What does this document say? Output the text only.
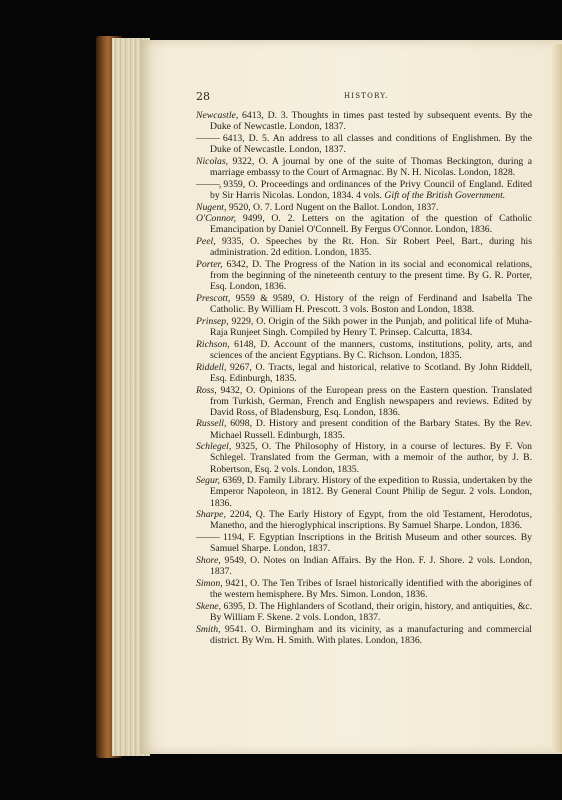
28	HISTORY.

Newcastle, 6413, D. 3. Thoughts in times past tested by subsequent events. By the Duke of Newcastle. London, 1837.

——— 6413, D. 5. An address to all classes and conditions of Englishmen. By the Duke of Newcastle. London, 1837.

Nicolas, 9322, O. A journal by one of the suite of Thomas Beckington, during a marriage embassy to the Court of Armagnac. By N. H. Nicolas. London, 1828.

———, 9359, O. Proceedings and ordinances of the Privy Council of England. Edited by Sir Harris Nicolas. London, 1834. 4 vols. Gift of the British Government.

Nugent, 9520, O. 7. Lord Nugent on the Ballot. London, 1837.

O'Connor, 9499, O. 2. Letters on the agitation of the question of Catholic Emancipation by Daniel O'Connell. By Fergus O'Connor. London, 1836.

Peel, 9335, O. Speeches by the Rt. Hon. Sir Robert Peel, Bart., during his administration. 2d edition. London, 1835.

Porter, 6342, D. The Progress of the Nation in its social and economical relations, from the beginning of the nineteenth century to the present time. By G. R. Porter, Esq. London, 1836.

Prescott, 9559 & 9589, O. History of the reign of Ferdinand and Isabella The Catholic. By William H. Prescott. 3 vols. Boston and London, 1838.

Prinsep, 9229, O. Origin of the Sikh power in the Punjab, and political life of Muha-Raja Runjeet Singh. Compiled by Henry T. Prinsep. Calcutta, 1834.

Richson, 6148, D. Account of the manners, customs, institutions, polity, arts, and sciences of the ancient Egyptians. By C. Richson. London, 1835.

Riddell, 9267, O. Tracts, legal and historical, relative to Scotland. By John Riddell, Esq. Edinburgh, 1835.

Ross, 9432, O. Opinions of the European press on the Eastern question. Translated from Turkish, German, French and English newspapers and reviews. Edited by David Ross, of Bladensburg, Esq. London, 1836.

Russell, 6098, D. History and present condition of the Barbary States. By the Rev. Michael Russell. Edinburgh, 1835.

Schlegel, 9325, O. The Philosophy of History, in a course of lectures. By F. Von Schlegel. Translated from the German, with a memoir of the author, by J. B. Robertson, Esq. 2 vols. London, 1835.

Segur, 6369, D. Family Library. History of the expedition to Russia, undertaken by the Emperor Napoleon, in 1812. By General Count Philip de Segur. 2 vols. London, 1836.

Sharpe, 2204, Q. The Early History of Egypt, from the old Testament, Herodotus, Manetho, and the hieroglyphical inscriptions. By Samuel Sharpe. London, 1836.

——— 1194, F. Egyptian Inscriptions in the British Museum and other sources. By Samuel Sharpe. London, 1837.

Shore, 9549, O. Notes on Indian Affairs. By the Hon. F. J. Shore. 2 vols. London, 1837.

Simon, 9421, O. The Ten Tribes of Israel historically identified with the aborigines of the western hemisphere. By Mrs. Simon. London, 1836.

Skene, 6395, D. The Highlanders of Scotland, their origin, history, and antiquities, &c. By William F. Skene. 2 vols. London, 1837.

Smith, 9541. O. Birmingham and its vicinity, as a manufacturing and commercial district. By Wm. H. Smith. With plates. London, 1836.
